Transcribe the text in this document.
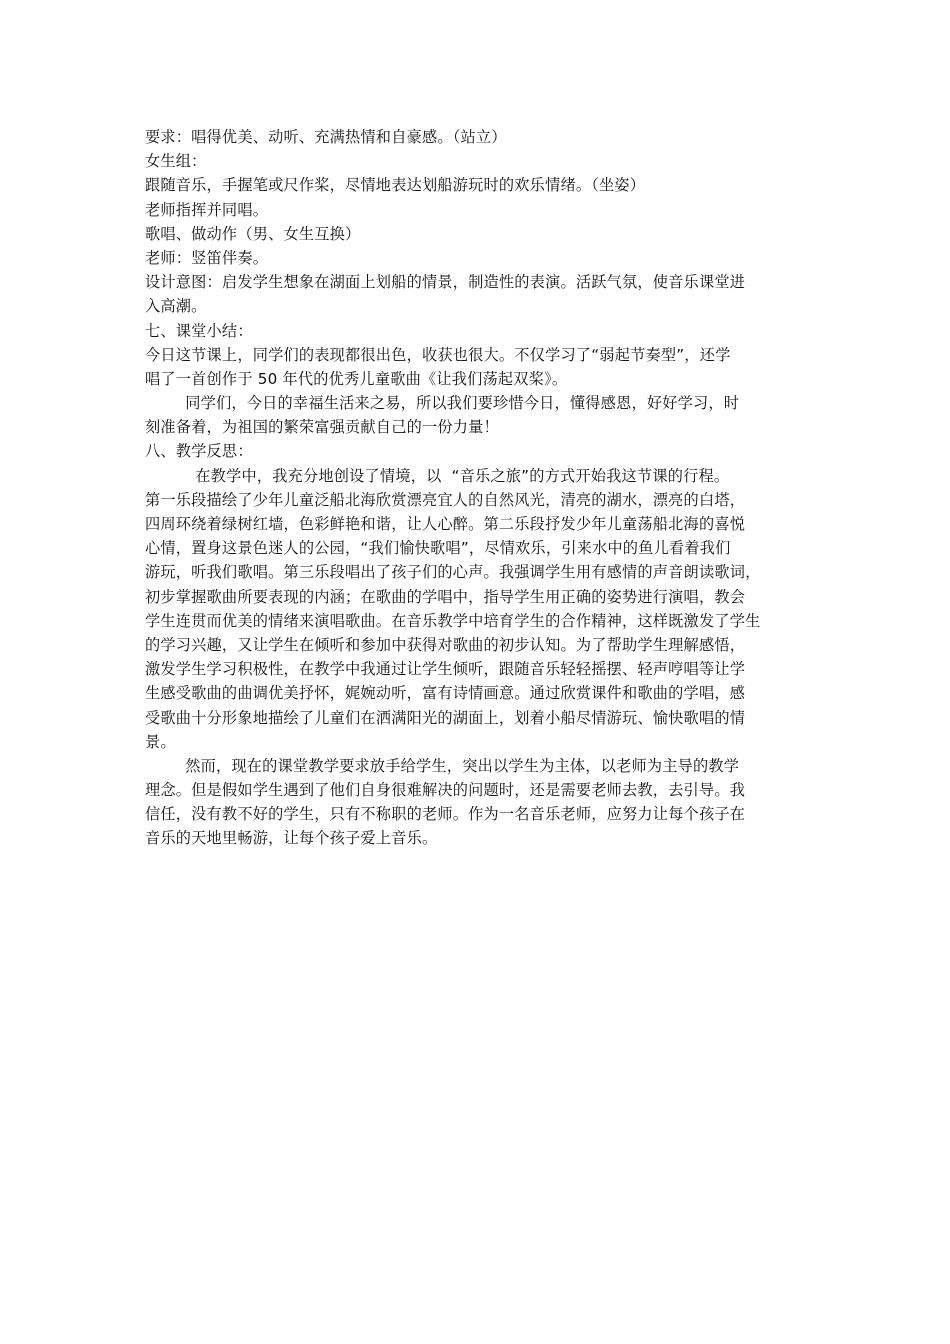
要求：唱得优美、动听、充满热情和自豪感。（站立）
女生组：
跟随音乐，手握笔或尺作桨，尽情地表达划船游玩时的欢乐情绪。（坐姿）
老师指挥并同唱。
歌唱、做动作（男、女生互换）
老师：竖笛伴奏。
设计意图：启发学生想象在湖面上划船的情景，制造性的表演。活跃气氛，使音乐课堂进
入高潮。
七、课堂小结：
今日这节课上，同学们的表现都很出色，收获也很大。不仅学习了“弱起节奏型”，还学
唱了一首创作于 50 年代的优秀儿童歌曲《让我们荡起双桨》。
同学们，今日的幸福生活来之易，所以我们要珍惜今日，懂得感恩，好好学习，时
刻准备着，为祖国的繁荣富强贡献自己的一份力量！
八、教学反思：
在教学中，我充分地创设了情境，以  “音乐之旅”的方式开始我这节课的行程。
第一乐段描绘了少年儿童泛船北海欣赏漂亮宜人的自然风光，清亮的湖水，漂亮的白塔，
四周环绕着绿树红墙，色彩鲜艳和谐，让人心醉。第二乐段抒发少年儿童荡船北海的喜悦
心情，置身这景色迷人的公园，“我们愉快歌唱”，尽情欢乐，引来水中的鱼儿看着我们
游玩，听我们歌唱。第三乐段唱出了孩子们的心声。我强调学生用有感情的声音朗读歌词，
初步掌握歌曲所要表现的内涵；在歌曲的学唱中，指导学生用正确的姿势进行演唱，教会
学生连贯而优美的情绪来演唱歌曲。在音乐教学中培育学生的合作精神，这样既激发了学生
的学习兴趣，又让学生在倾听和参加中获得对歌曲的初步认知。为了帮助学生理解感悟，
激发学生学习积极性，在教学中我通过让学生倾听，跟随音乐轻轻摇摆、轻声哼唱等让学
生感受歌曲的曲调优美抒怀，娓婉动听，富有诗情画意。通过欣赏课件和歌曲的学唱，感
受歌曲十分形象地描绘了儿童们在洒满阳光的湖面上，划着小船尽情游玩、愉快歌唱的情
景。
然而，现在的课堂教学要求放手给学生，突出以学生为主体，以老师为主导的教学
理念。但是假如学生遇到了他们自身很难解决的问题时，还是需要老师去教，去引导。我
信任，没有教不好的学生，只有不称职的老师。作为一名音乐老师，应努力让每个孩子在
音乐的天地里畅游，让每个孩子爱上音乐。
